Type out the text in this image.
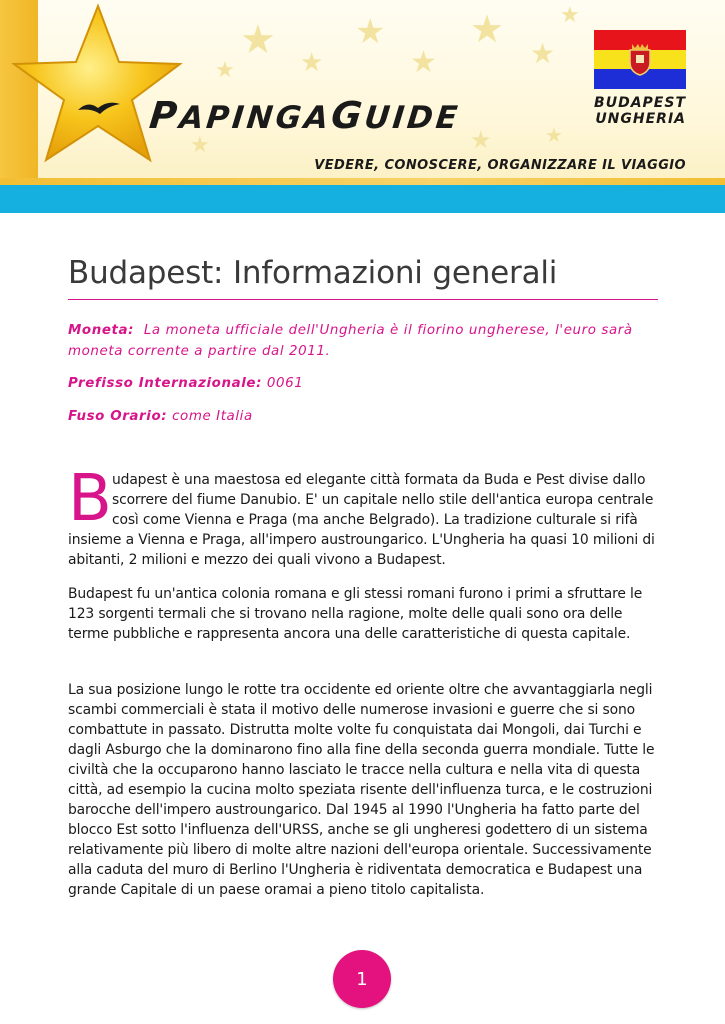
★ ★
★
★
★
★
★
★
★	★
★
PAPINGAGUIDE	BUDAPEST
UNGHERIA
VEDERE, CONOSCERE, ORGANIZZARE IL VIAGGIO
Budapest: Informazioni generali

Moneta: La moneta ufficiale dell'Ungheria è il fiorino ungherese, l'euro sarà moneta corrente a partire dal 2011.

Prefisso Internazionale: 0061

Fuso Orario: come Italia

Budapest è una maestosa ed elegante città formata da Buda e Pest divise dallo scorrere del fiume Danubio. E' un capitale nello stile dell'antica europa centrale così come Vienna e Praga (ma anche Belgrado). La tradizione culturale si rifà insieme a Vienna e Praga, all'impero austroungarico. L'Ungheria ha quasi 10 milioni di abitanti, 2 milioni e mezzo dei quali vivono a Budapest.

Budapest fu un'antica colonia romana e gli stessi romani furono i primi a sfruttare le 123 sorgenti termali che si trovano nella ragione, molte delle quali sono ora delle terme pubbliche e rappresenta ancora una delle caratteristiche di questa capitale.

La sua posizione lungo le rotte tra occidente ed oriente oltre che avvantaggiarla negli scambi commerciali è stata il motivo delle numerose invasioni e guerre che si sono combattute in passato. Distrutta molte volte fu conquistata dai Mongoli, dai Turchi e dagli Asburgo che la dominarono fino alla fine della seconda guerra mondiale. Tutte le civiltà che la occuparono hanno lasciato le tracce nella cultura e nella vita di questa città, ad esempio la cucina molto speziata risente dell'influenza turca, e le costruzioni barocche dell'impero austroungarico. Dal 1945 al 1990 l'Ungheria ha fatto parte del blocco Est sotto l'influenza dell'URSS, anche se gli ungheresi godettero di un sistema relativamente più libero di molte altre nazioni dell'europa orientale. Successivamente alla caduta del muro di Berlino l'Ungheria è ridiventata democratica e Budapest una grande Capitale di un paese oramai a pieno titolo capitalista.

1
